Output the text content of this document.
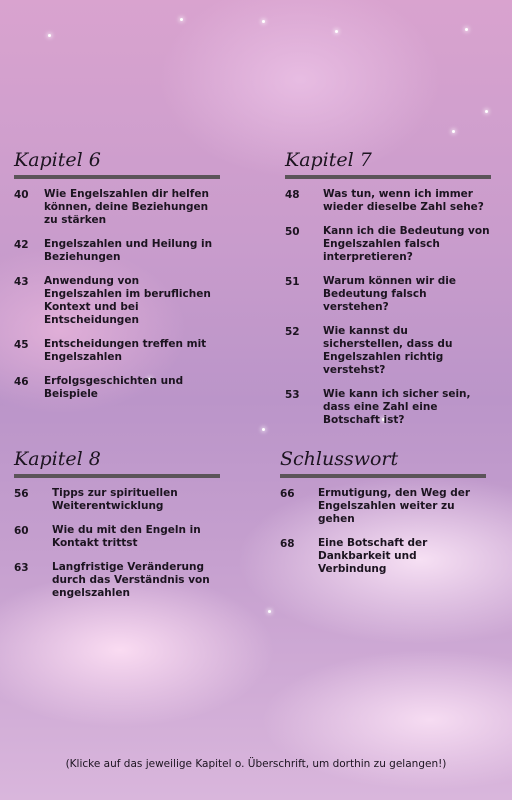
Kapitel 6
40	Wie Engelszahlen dir helfen können, deine Beziehungen zu stärken
42	Engelszahlen und Heilung in Beziehungen
43	Anwendung von Engelszahlen im beruflichen Kontext und bei Entscheidungen
45	Entscheidungen treffen mit Engelszahlen
46	Erfolgsgeschichten und Beispiele
Kapitel 7
48	Was tun, wenn ich immer wieder dieselbe Zahl sehe?
50	Kann ich die Bedeutung von Engelszahlen falsch interpretieren?
51	Warum können wir die Bedeutung falsch verstehen?
52	Wie kannst du sicherstellen, dass du Engelszahlen richtig verstehst?
53	Wie kann ich sicher sein, dass eine Zahl eine Botschaft ist?
Kapitel 8
56	Tipps zur spirituellen Weiterentwicklung
60	Wie du mit den Engeln in Kontakt trittst
63	Langfristige Veränderung durch das Verständnis von engelszahlen
Schlusswort
66	Ermutigung, den Weg der Engelszahlen weiter zu gehen
68	Eine Botschaft der Dankbarkeit und Verbindung
(Klicke auf das jeweilige Kapitel o. Überschrift, um dorthin zu gelangen!)
